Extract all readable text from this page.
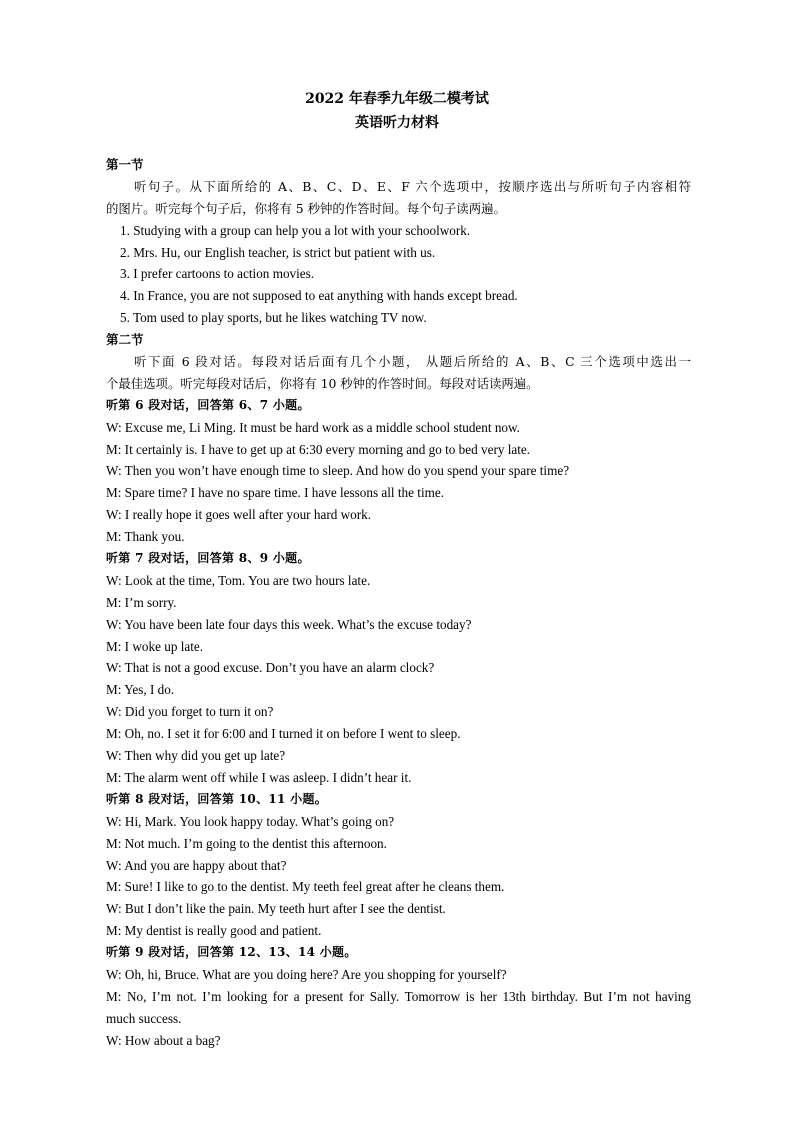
2022 年春季九年级二模考试
英语听力材料
第一节
听句子。从下面所给的 A、B、C、D、E、F 六个选项中，按顺序选出与所听句子内容相符
的图片。听完每个句子后，你将有 5 秒钟的作答时间。每个句子读两遍。
1. Studying with a group can help you a lot with your schoolwork.
2. Mrs. Hu, our English teacher, is strict but patient with us.
3. I prefer cartoons to action movies.
4. In France, you are not supposed to eat anything with hands except bread.
5. Tom used to play sports, but he likes watching TV now.
第二节
听下面 6 段对话。每段对话后面有几个小题， 从题后所给的 A、B、C 三个选项中选出一
个最佳选项。听完每段对话后，你将有 10 秒钟的作答时间。每段对话读两遍。
听第 6 段对话，回答第 6、7 小题。
W: Excuse me, Li Ming. It must be hard work as a middle school student now.
M: It certainly is. I have to get up at 6:30 every morning and go to bed very late.
W: Then you won’t have enough time to sleep. And how do you spend your spare time?
M: Spare time? I have no spare time. I have lessons all the time.
W: I really hope it goes well after your hard work.
M: Thank you.
听第 7 段对话，回答第 8、9 小题。
W: Look at the time, Tom. You are two hours late.
M: I’m sorry.
W: You have been late four days this week. What’s the excuse today?
M: I woke up late.
W: That is not a good excuse. Don’t you have an alarm clock?
M: Yes, I do.
W: Did you forget to turn it on?
M: Oh, no. I set it for 6:00 and I turned it on before I went to sleep.
W: Then why did you get up late?
M: The alarm went off while I was asleep. I didn’t hear it.
听第 8 段对话，回答第 10、11 小题。
W: Hi, Mark. You look happy today. What’s going on?
M: Not much. I’m going to the dentist this afternoon.
W: And you are happy about that?
M: Sure! I like to go to the dentist. My teeth feel great after he cleans them.
W: But I don’t like the pain. My teeth hurt after I see the dentist.
M: My dentist is really good and patient.
听第 9 段对话，回答第 12、13、14 小题。
W: Oh, hi, Bruce. What are you doing here? Are you shopping for yourself?
M: No, I’m not. I’m looking for a present for Sally. Tomorrow is her 13th birthday. But I’m not having
much success.
W: How about a bag?
